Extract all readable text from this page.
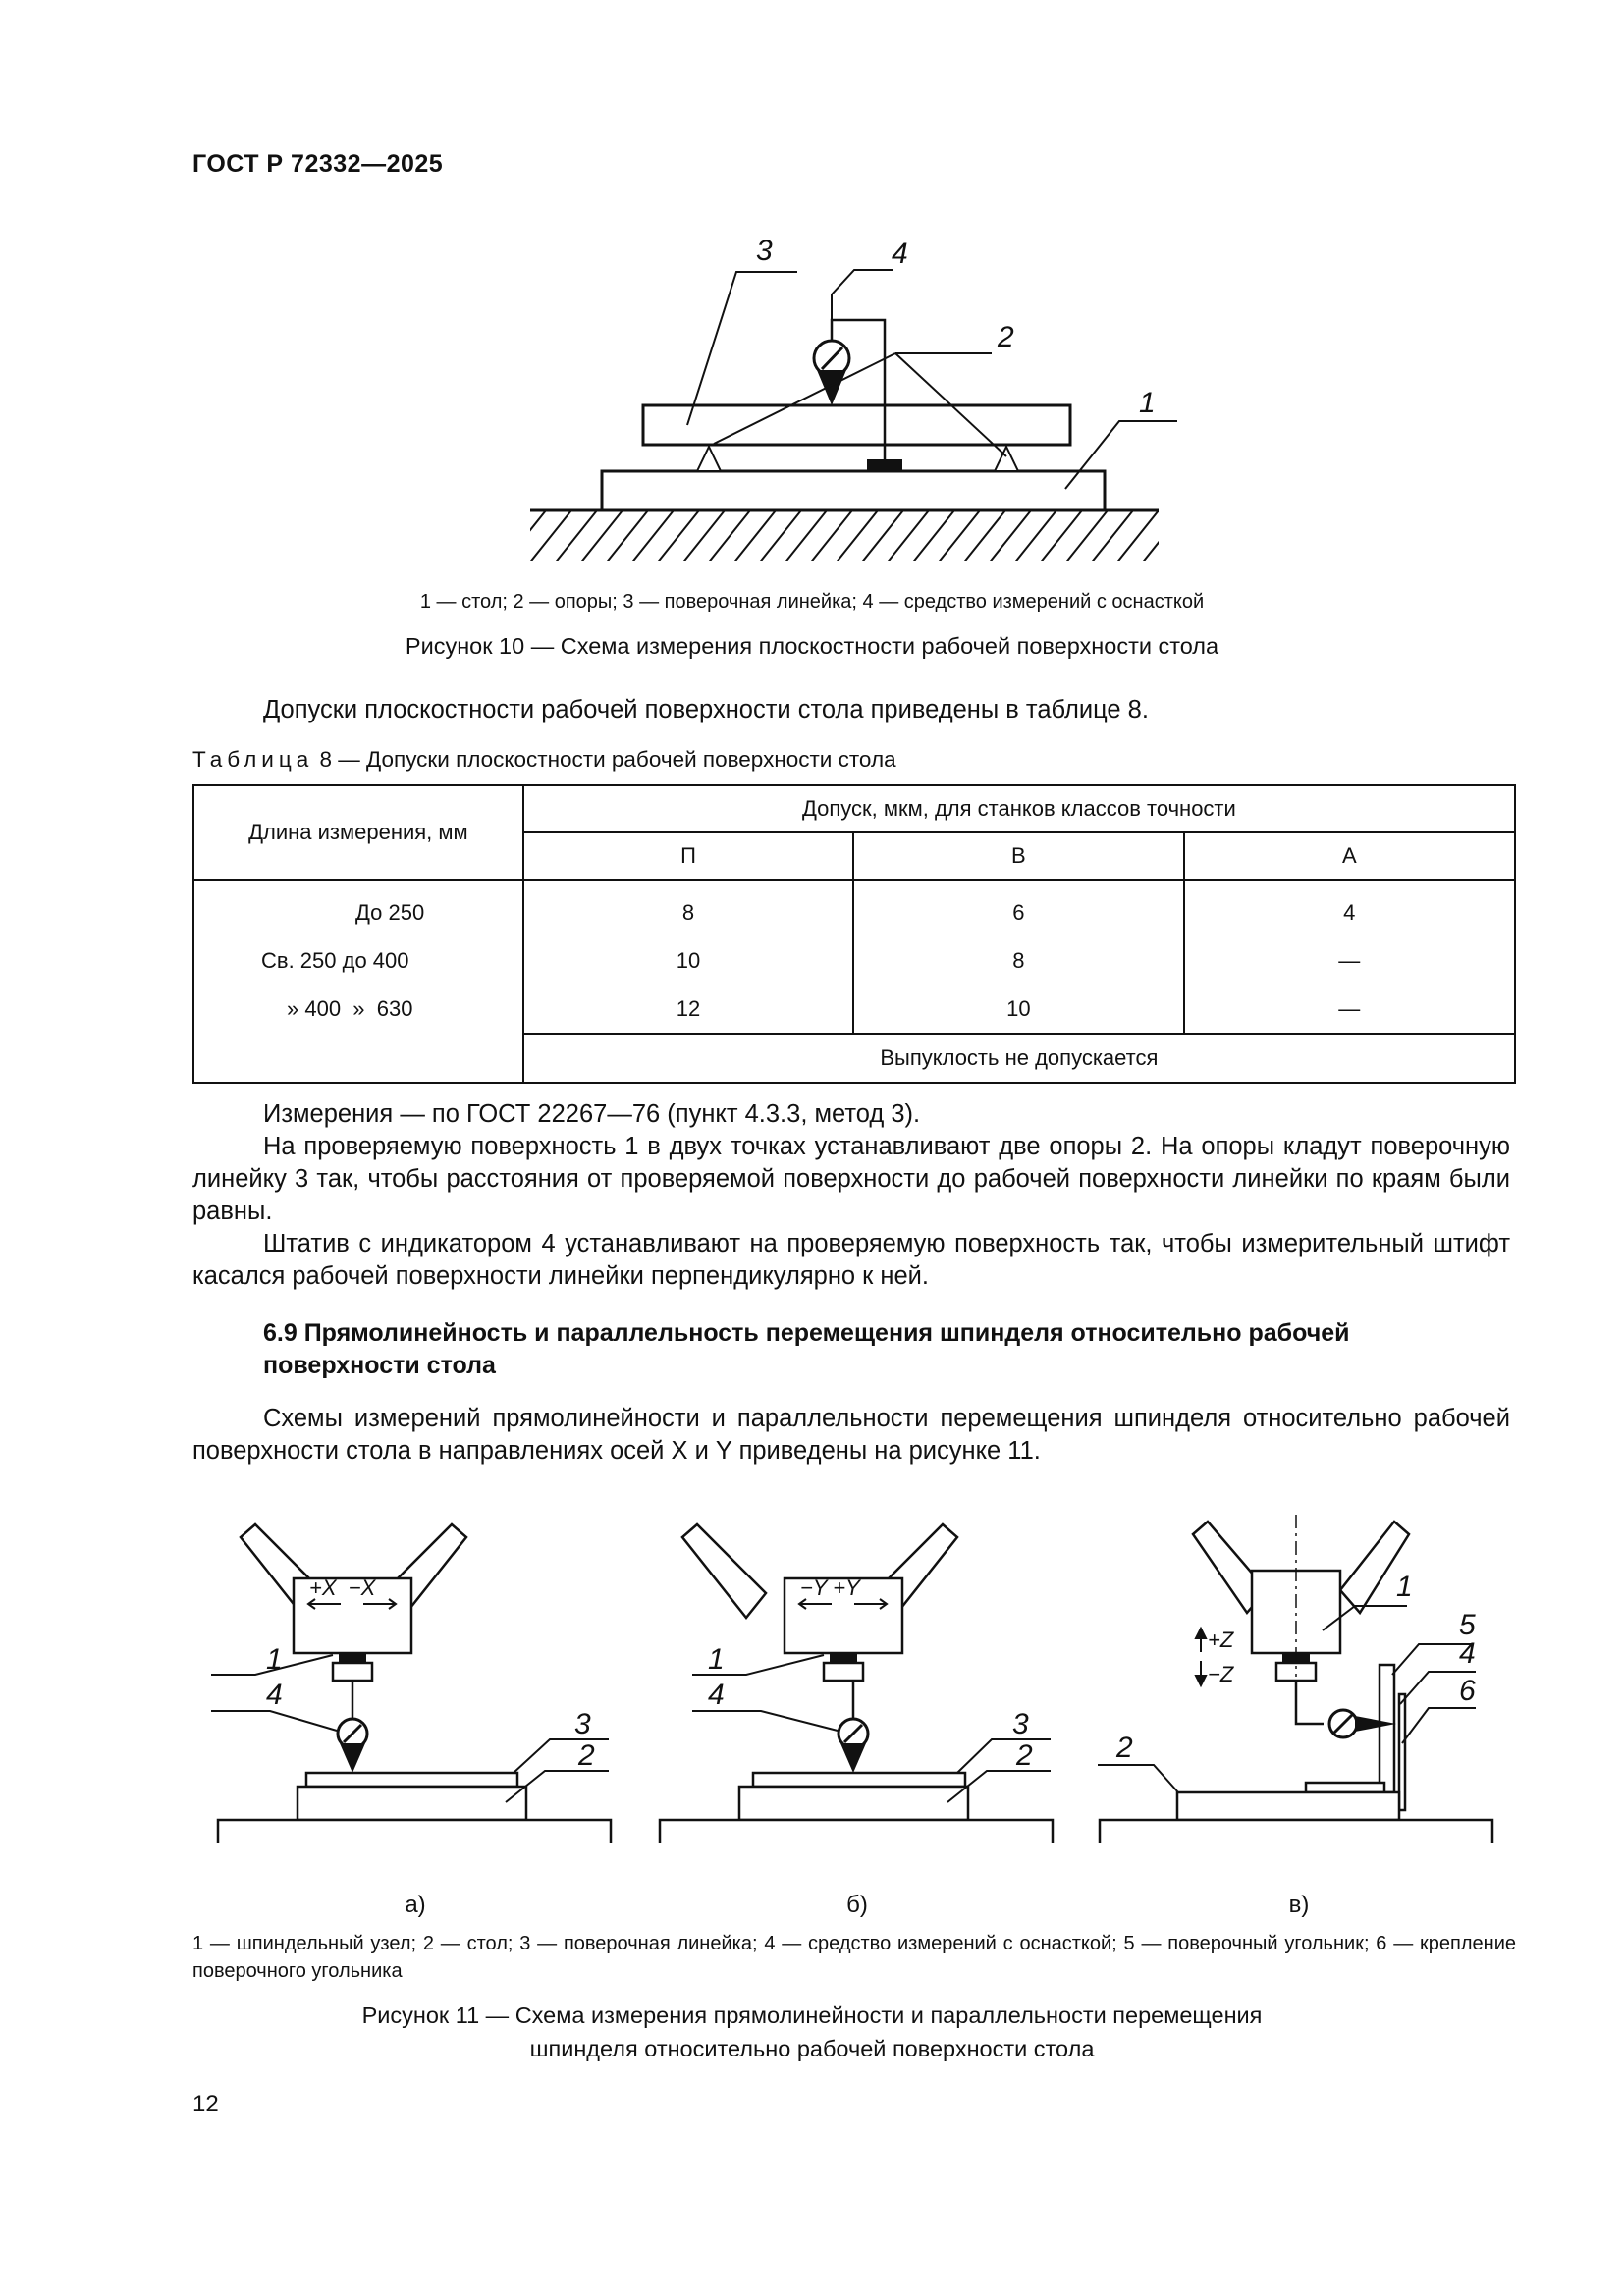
ГОСТ Р 72332—2025
3	4
2
1
1 — стол; 2 — опоры; 3 — поверочная линейка; 4 — средство измерений с оснасткой
Рисунок 10 — Схема измерения плоскостности рабочей поверхности стола
Допуски плоскостности рабочей поверхности стола приведены в таблице 8.
Таблица 8 — Допуски плоскостности рабочей поверхности стола
Длина измерения, мм	Допуск, мкм, для станков классов точности		
	П	В	А
До 250	8	6	4
Св. 250 до 400	10	8	—
» 400  »  630	12	10	—
	Выпуклость не допускается		
Измерения — по ГОСТ 22267—76 (пункт 4.3.3, метод 3).
На проверяемую поверхность 1 в двух точках устанавливают две опоры 2. На опоры кладут поверочную линейку 3 так, чтобы расстояния от проверяемой поверхности до рабочей поверхности линейки по краям были равны.
Штатив с индикатором 4 устанавливают на проверяемую поверхность так, чтобы измерительный штифт касался рабочей поверхности линейки перпендикулярно к ней.
6.9 Прямолинейность и параллельность перемещения шпинделя относительно рабочей поверхности стола
Схемы измерений прямолинейности и параллельности перемещения шпинделя относительно рабочей поверхности стола в направлениях осей X и Y приведены на рисунке 11.
+X  −X
1
4
3
2
−Y +Y
1
4
3
2
+Z
−Z
1
5
4
6
2
а)	б)	в)
1 — шпиндельный узел; 2 — стол; 3 — поверочная линейка; 4 — средство измерений с оснасткой; 5 — поверочный угольник; 6 — крепление поверочного угольника
Рисунок 11 — Схема измерения прямолинейности и параллельности перемещения
шпинделя относительно рабочей поверхности стола
12
